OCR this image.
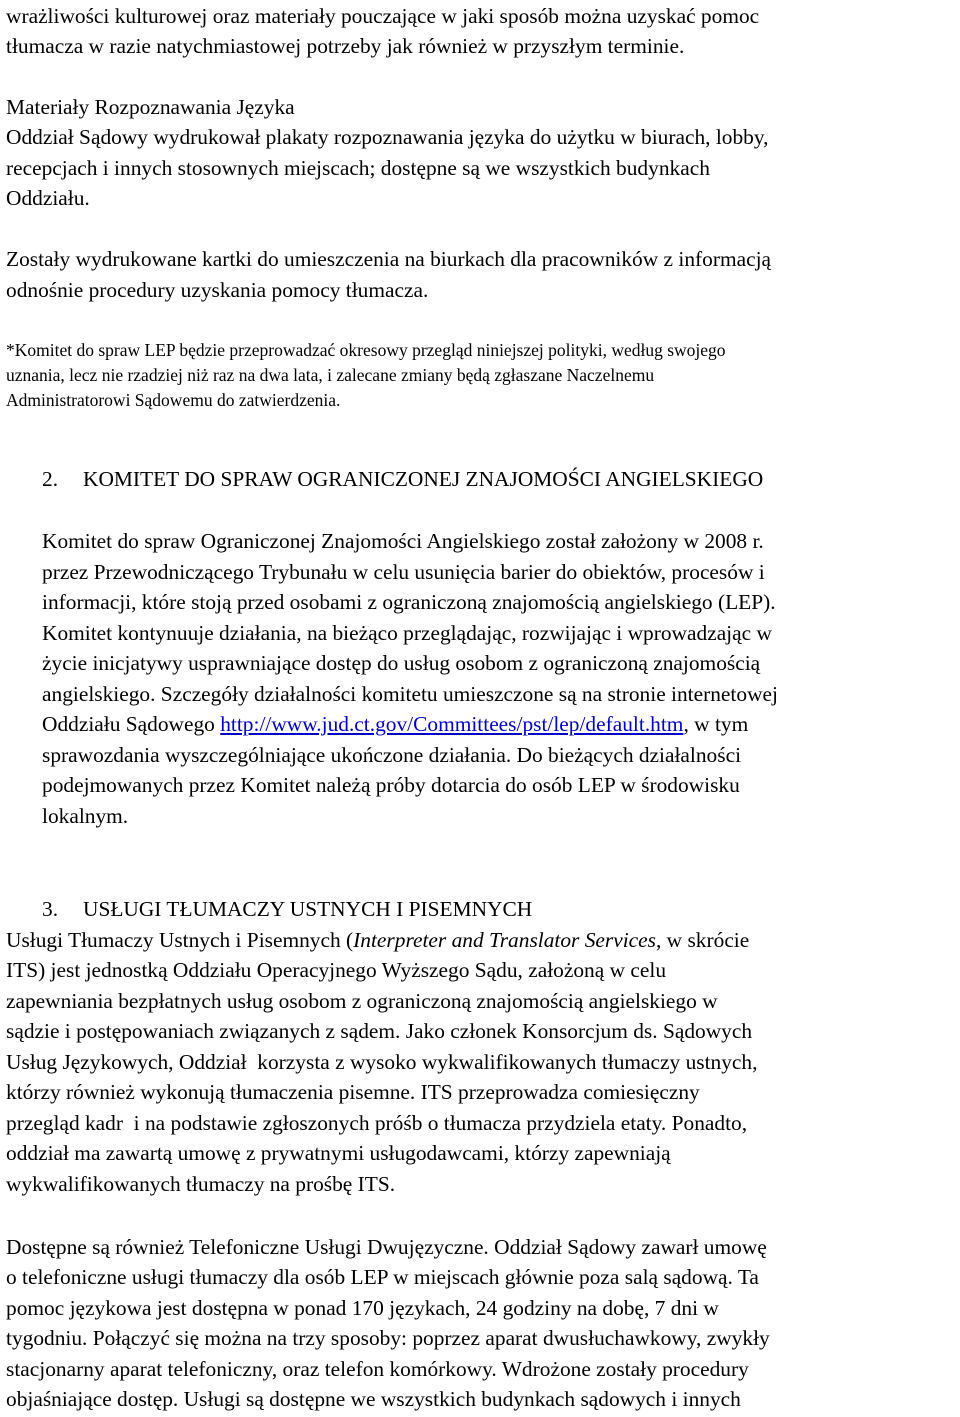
wrażliwości kulturowej oraz materiały pouczające w jaki sposób można uzyskać pomoc
tłumacza w razie natychmiastowej potrzeby jak również w przyszłym terminie.
Materiały Rozpoznawania Języka
Oddział Sądowy wydrukował plakaty rozpoznawania języka do użytku w biurach, lobby,
recepcjach i innych stosownych miejscach; dostępne są we wszystkich budynkach
Oddziału.
Zostały wydrukowane kartki do umieszczenia na biurkach dla pracowników z informacją
odnośnie procedury uzyskania pomocy tłumacza.
*Komitet do spraw LEP będzie przeprowadzać okresowy przegląd niniejszej polityki, według swojego
uznania, lecz nie rzadziej niż raz na dwa lata, i zalecane zmiany będą zgłaszane Naczelnemu
Administratorowi Sądowemu do zatwierdzenia.
2. KOMITET DO SPRAW OGRANICZONEJ ZNAJOMOŚCI ANGIELSKIEGO
Komitet do spraw Ograniczonej Znajomości Angielskiego został założony w 2008 r.
przez Przewodniczącego Trybunału w celu usunięcia barier do obiektów, procesów i
informacji, które stoją przed osobami z ograniczoną znajomością angielskiego (LEP).
Komitet kontynuuje działania, na bieżąco przeglądając, rozwijając i wprowadzając w
życie inicjatywy usprawniające dostęp do usług osobom z ograniczoną znajomością
angielskiego. Szczegóły działalności komitetu umieszczone są na stronie internetowej
Oddziału Sądowego http://www.jud.ct.gov/Committees/pst/lep/default.htm, w tym
sprawozdania wyszczególniające ukończone działania. Do bieżących działalności
podejmowanych przez Komitet należą próby dotarcia do osób LEP w środowisku
lokalnym.
3. USŁUGI TŁUMACZY USTNYCH I PISEMNYCH
Usługi Tłumaczy Ustnych i Pisemnych (Interpreter and Translator Services, w skrócie
ITS) jest jednostką Oddziału Operacyjnego Wyższego Sądu, założoną w celu
zapewniania bezpłatnych usług osobom z ograniczoną znajomością angielskiego w
sądzie i postępowaniach związanych z sądem. Jako członek Konsorcjum ds. Sądowych
Usług Językowych, Oddział  korzysta z wysoko wykwalifikowanych tłumaczy ustnych,
którzy również wykonują tłumaczenia pisemne. ITS przeprowadza comiesięczny
przegląd kadr  i na podstawie zgłoszonych próśb o tłumacza przydziela etaty. Ponadto,
oddział ma zawartą umowę z prywatnymi usługodawcami, którzy zapewniają
wykwalifikowanych tłumaczy na prośbę ITS.
Dostępne są również Telefoniczne Usługi Dwujęzyczne. Oddział Sądowy zawarł umowę
o telefoniczne usługi tłumaczy dla osób LEP w miejscach głównie poza salą sądową. Ta
pomoc językowa jest dostępna w ponad 170 językach, 24 godziny na dobę, 7 dni w
tygodniu. Połączyć się można na trzy sposoby: poprzez aparat dwusłuchawkowy, zwykły
stacjonarny aparat telefoniczny, oraz telefon komórkowy. Wdrożone zostały procedury
objaśniające dostęp. Usługi są dostępne we wszystkich budynkach sądowych i innych
